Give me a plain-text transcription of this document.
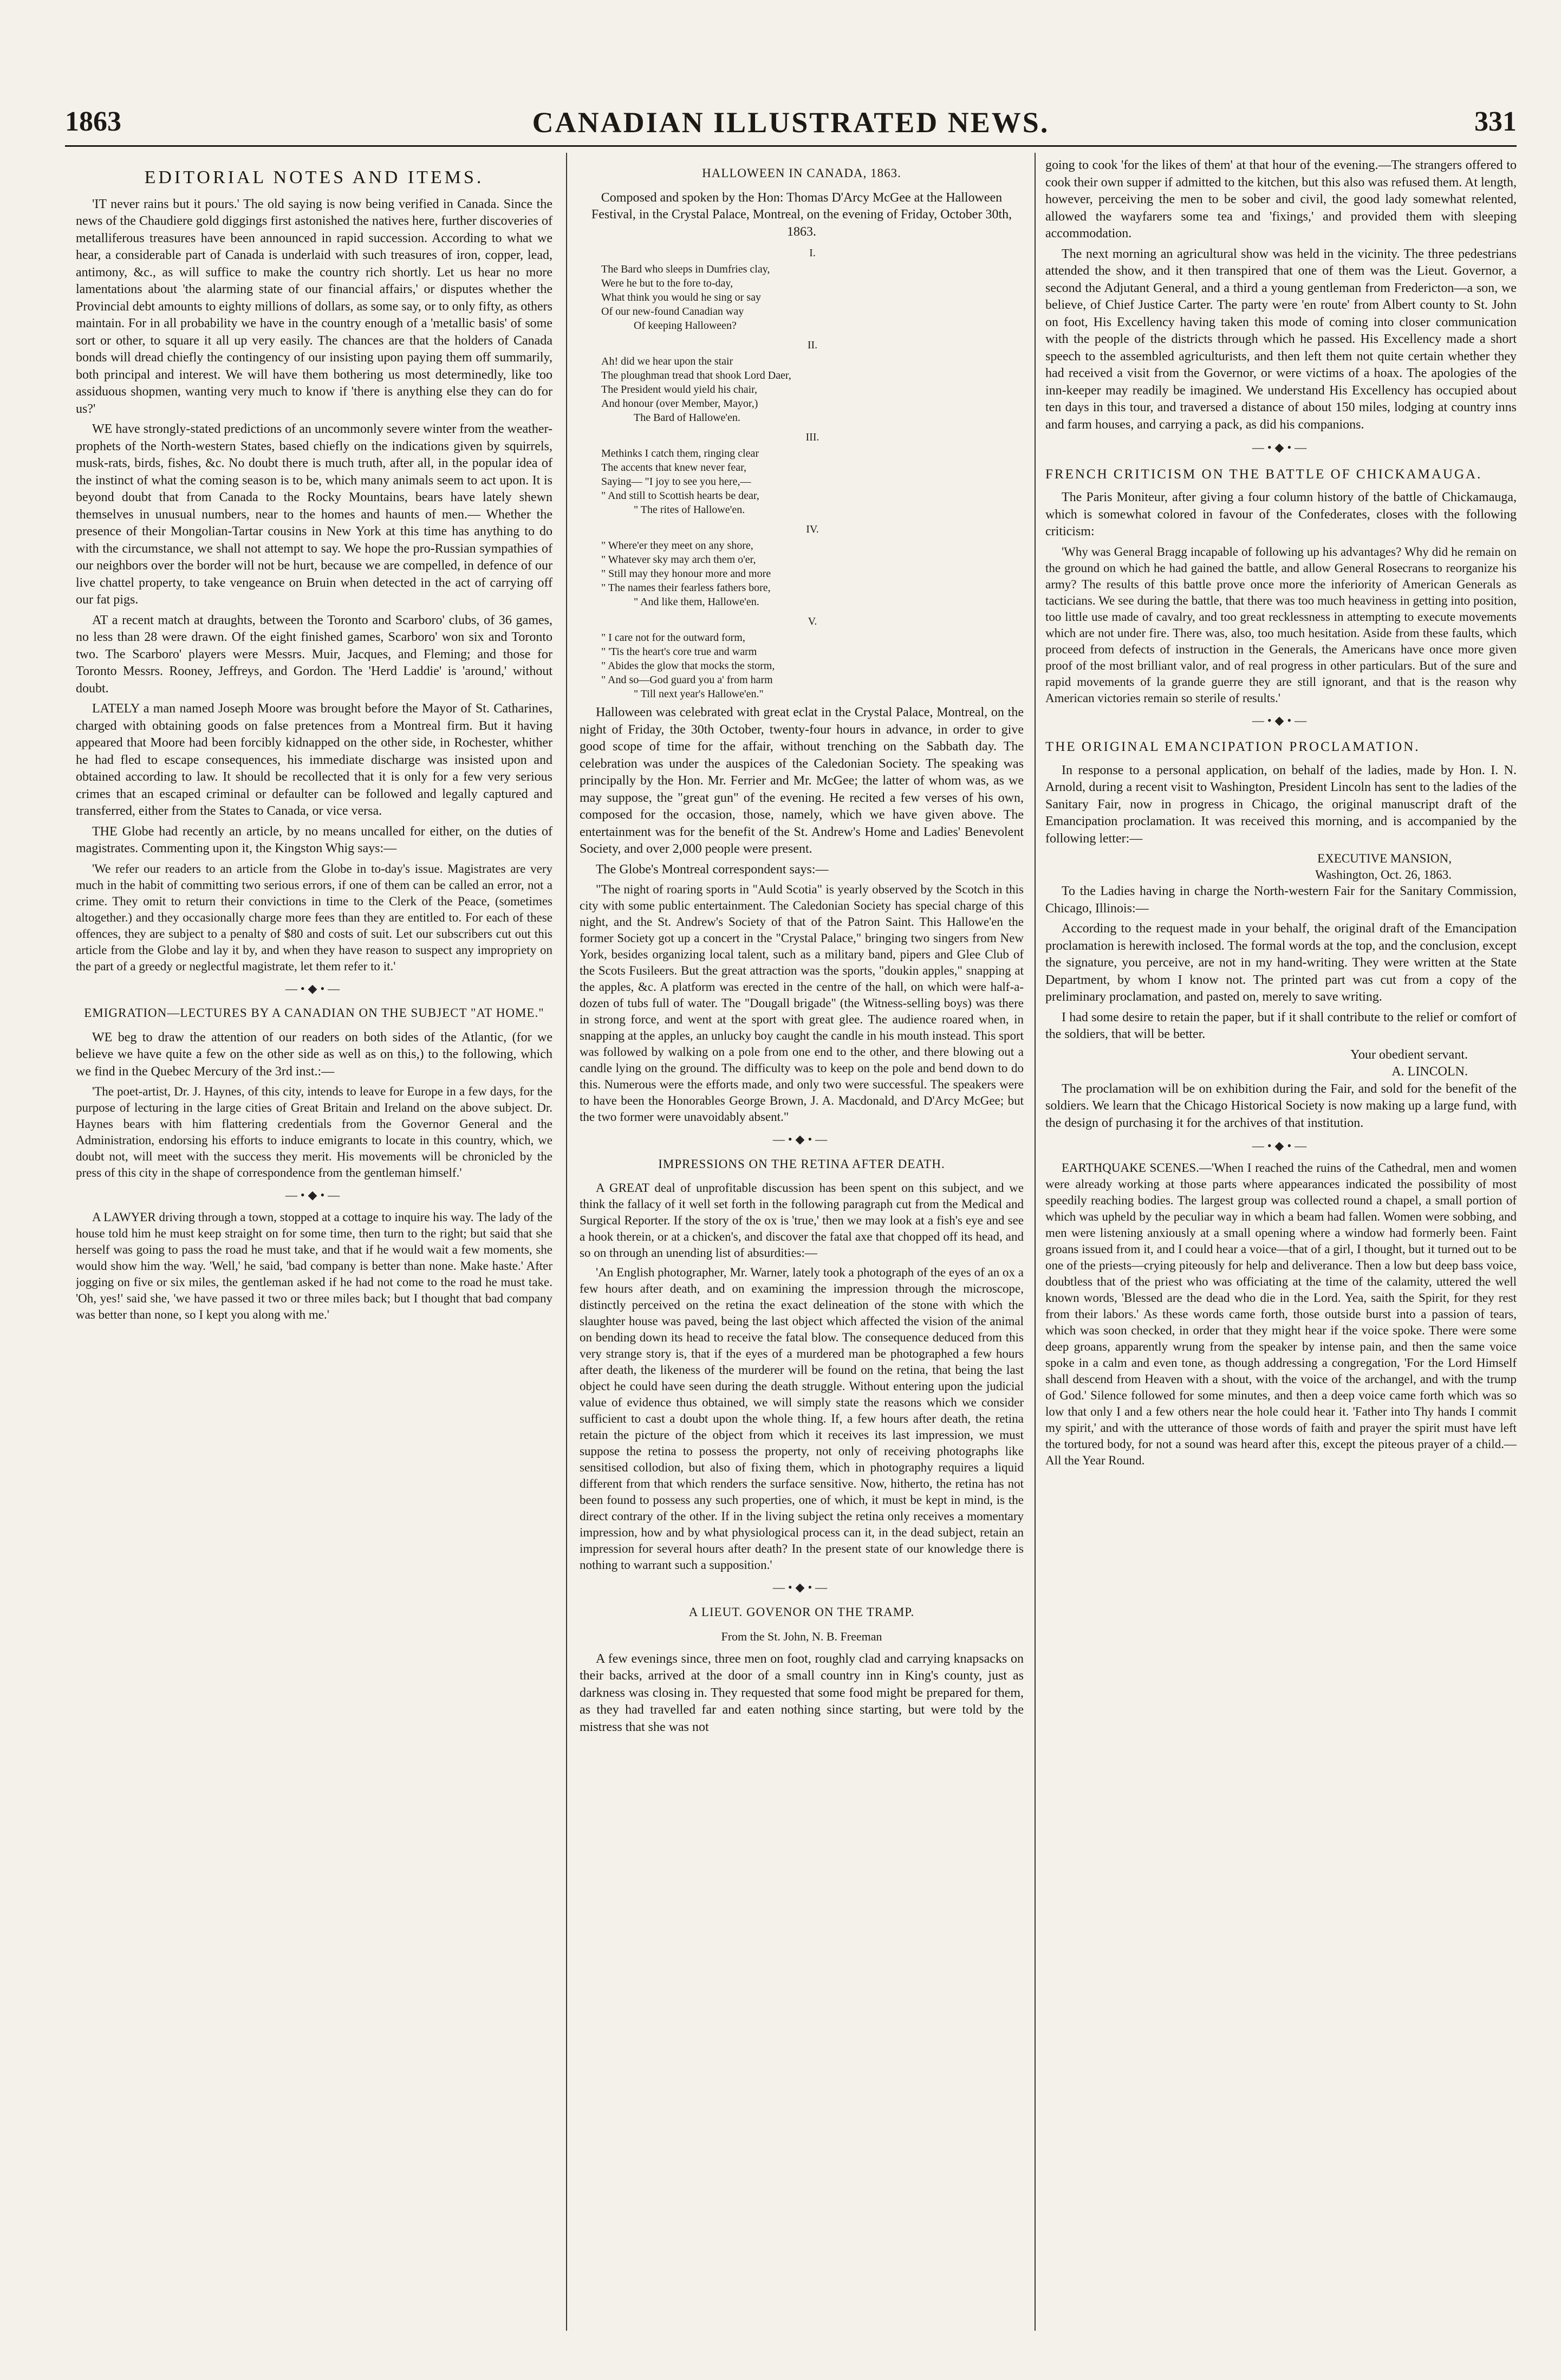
1863	CANADIAN ILLUSTRATED NEWS.	331
EDITORIAL NOTES AND ITEMS.

'IT never rains but it pours.' The old saying is now being verified in Canada. Since the news of the Chaudiere gold diggings first astonished the natives here, further discoveries of metalliferous treasures have been announced in rapid succession. According to what we hear, a considerable part of Canada is underlaid with such treasures of iron, copper, lead, antimony, &c., as will suffice to make the country rich shortly. Let us hear no more lamentations about 'the alarming state of our financial affairs,' or disputes whether the Provincial debt amounts to eighty millions of dollars, as some say, or to only fifty, as others maintain. For in all probability we have in the country enough of a 'metallic basis' of some sort or other, to square it all up very easily. The chances are that the holders of Canada bonds will dread chiefly the contingency of our insisting upon paying them off summarily, both principal and interest. We will have them bothering us most determinedly, like too assiduous shopmen, wanting very much to know if 'there is anything else they can do for us?'

WE have strongly-stated predictions of an uncommonly severe winter from the weather-prophets of the North-western States, based chiefly on the indications given by squirrels, musk-rats, birds, fishes, &c. No doubt there is much truth, after all, in the popular idea of the instinct of what the coming season is to be, which many animals seem to act upon. It is beyond doubt that from Canada to the Rocky Mountains, bears have lately shewn themselves in unusual numbers, near to the homes and haunts of men.— Whether the presence of their Mongolian-Tartar cousins in New York at this time has anything to do with the circumstance, we shall not attempt to say. We hope the pro-Russian sympathies of our neighbors over the border will not be hurt, because we are compelled, in defence of our live chattel property, to take vengeance on Bruin when detected in the act of carrying off our fat pigs.

AT a recent match at draughts, between the Toronto and Scarboro' clubs, of 36 games, no less than 28 were drawn. Of the eight finished games, Scarboro' won six and Toronto two. The Scarboro' players were Messrs. Muir, Jacques, and Fleming; and those for Toronto Messrs. Rooney, Jeffreys, and Gordon. The 'Herd Laddie' is 'around,' without doubt.

LATELY a man named Joseph Moore was brought before the Mayor of St. Catharines, charged with obtaining goods on false pretences from a Montreal firm. But it having appeared that Moore had been forcibly kidnapped on the other side, in Rochester, whither he had fled to escape consequences, his immediate discharge was insisted upon and obtained according to law. It should be recollected that it is only for a few very serious crimes that an escaped criminal or defaulter can be followed and legally captured and transferred, either from the States to Canada, or vice versa.

THE Globe had recently an article, by no means uncalled for either, on the duties of magistrates. Commenting upon it, the Kingston Whig says:—

'We refer our readers to an article from the Globe in to-day's issue. Magistrates are very much in the habit of committing two serious errors, if one of them can be called an error, not a crime. They omit to return their convictions in time to the Clerk of the Peace, (sometimes altogether.) and they occasionally charge more fees than they are entitled to. For each of these offences, they are subject to a penalty of $80 and costs of suit. Let our subscribers cut out this article from the Globe and lay it by, and when they have reason to suspect any impropriety on the part of a greedy or neglectful magistrate, let them refer to it.'

—•◆•—
EMIGRATION—LECTURES BY A CANADIAN ON THE SUBJECT "AT HOME."

WE beg to draw the attention of our readers on both sides of the Atlantic, (for we believe we have quite a few on the other side as well as on this,) to the following, which we find in the Quebec Mercury of the 3rd inst.:—

'The poet-artist, Dr. J. Haynes, of this city, intends to leave for Europe in a few days, for the purpose of lecturing in the large cities of Great Britain and Ireland on the above subject. Dr. Haynes bears with him flattering credentials from the Governor General and the Administration, endorsing his efforts to induce emigrants to locate in this country, which, we doubt not, will meet with the success they merit. His movements will be chronicled by the press of this city in the shape of correspondence from the gentleman himself.'

—•◆•—

A LAWYER driving through a town, stopped at a cottage to inquire his way. The lady of the house told him he must keep straight on for some time, then turn to the right; but said that she herself was going to pass the road he must take, and that if he would wait a few moments, she would show him the way. 'Well,' he said, 'bad company is better than none. Make haste.' After jogging on five or six miles, the gentleman asked if he had not come to the road he must take. 'Oh, yes!' said she, 'we have passed it two or three miles back; but I thought that bad company was better than none, so I kept you along with me.'

HALLOWEEN IN CANADA, 1863.

Composed and spoken by the Hon: Thomas D'Arcy McGee at the Halloween Festival, in the Crystal Palace, Montreal, on the evening of Friday, October 30th, 1863.

I.
The Bard who sleeps in Dumfries clay,
Were he but to the fore to-day,
What think you would he sing or say
Of our new-found Canadian way
Of keeping Halloween?
II.
Ah! did we hear upon the stair
The ploughman tread that shook Lord Daer,
The President would yield his chair,
And honour (over Member, Mayor,)
The Bard of Hallowe'en.
III.
Methinks I catch them, ringing clear
The accents that knew never fear,
Saying— "I joy to see you here,—
" And still to Scottish hearts be dear,
" The rites of Hallowe'en.
IV.
" Where'er they meet on any shore,
" Whatever sky may arch them o'er,
" Still may they honour more and more
" The names their fearless fathers bore,
" And like them, Hallowe'en.
V.
" I care not for the outward form,
" 'Tis the heart's core true and warm
" Abides the glow that mocks the storm,
" And so—God guard you a' from harm
" Till next year's Hallowe'en."

Halloween was celebrated with great eclat in the Crystal Palace, Montreal, on the night of Friday, the 30th October, twenty-four hours in advance, in order to give good scope of time for the affair, without trenching on the Sabbath day. The celebration was under the auspices of the Caledonian Society. The speaking was principally by the Hon. Mr. Ferrier and Mr. McGee; the latter of whom was, as we may suppose, the "great gun" of the evening. He recited a few verses of his own, composed for the occasion, those, namely, which we have given above. The entertainment was for the benefit of the St. Andrew's Home and Ladies' Benevolent Society, and over 2,000 people were present.

The Globe's Montreal correspondent says:—

"The night of roaring sports in "Auld Scotia" is yearly observed by the Scotch in this city with some public entertainment. The Caledonian Society has special charge of this night, and the St. Andrew's Society of that of the Patron Saint. This Hallowe'en the former Society got up a concert in the "Crystal Palace," bringing two singers from New York, besides organizing local talent, such as a military band, pipers and Glee Club of the Scots Fusileers. But the great attraction was the sports, "doukin apples," snapping at the apples, &c. A platform was erected in the centre of the hall, on which were half-a-dozen of tubs full of water. The "Dougall brigade" (the Witness-selling boys) was there in strong force, and went at the sport with great glee. The audience roared when, in snapping at the apples, an unlucky boy caught the candle in his mouth instead. This sport was followed by walking on a pole from one end to the other, and there blowing out a candle lying on the ground. The difficulty was to keep on the pole and bend down to do this. Numerous were the efforts made, and only two were successful. The speakers were to have been the Honorables George Brown, J. A. Macdonald, and D'Arcy McGee; but the two former were unavoidably absent."

—•◆•—
IMPRESSIONS ON THE RETINA AFTER DEATH.

A GREAT deal of unprofitable discussion has been spent on this subject, and we think the fallacy of it well set forth in the following paragraph cut from the Medical and Surgical Reporter. If the story of the ox is 'true,' then we may look at a fish's eye and see a hook therein, or at a chicken's, and discover the fatal axe that chopped off its head, and so on through an unending list of absurdities:—

'An English photographer, Mr. Warner, lately took a photograph of the eyes of an ox a few hours after death, and on examining the impression through the microscope, distinctly perceived on the retina the exact delineation of the stone with which the slaughter house was paved, being the last object which affected the vision of the animal on bending down its head to receive the fatal blow. The consequence deduced from this very strange story is, that if the eyes of a murdered man be photographed a few hours after death, the likeness of the murderer will be found on the retina, that being the last object he could have seen during the death struggle. Without entering upon the judicial value of evidence thus obtained, we will simply state the reasons which we consider sufficient to cast a doubt upon the whole thing. If, a few hours after death, the retina retain the picture of the object from which it receives its last impression, we must suppose the retina to possess the property, not only of receiving photographs like sensitised collodion, but also of fixing them, which in photography requires a liquid different from that which renders the surface sensitive. Now, hitherto, the retina has not been found to possess any such properties, one of which, it must be kept in mind, is the direct contrary of the other. If in the living subject the retina only receives a momentary impression, how and by what physiological process can it, in the dead subject, retain an impression for several hours after death? In the present state of our knowledge there is nothing to warrant such a supposition.'

—•◆•—
A LIEUT. GOVENOR ON THE TRAMP.
From the St. John, N. B. Freeman

A few evenings since, three men on foot, roughly clad and carrying knapsacks on their backs, arrived at the door of a small country inn in King's county, just as darkness was closing in. They requested that some food might be prepared for them, as they had travelled far and eaten nothing since starting, but were told by the mistress that she was not

going to cook 'for the likes of them' at that hour of the evening.—The strangers offered to cook their own supper if admitted to the kitchen, but this also was refused them. At length, however, perceiving the men to be sober and civil, the good lady somewhat relented, allowed the wayfarers some tea and 'fixings,' and provided them with sleeping accommodation.

The next morning an agricultural show was held in the vicinity. The three pedestrians attended the show, and it then transpired that one of them was the Lieut. Governor, a second the Adjutant General, and a third a young gentleman from Fredericton—a son, we believe, of Chief Justice Carter. The party were 'en route' from Albert county to St. John on foot, His Excellency having taken this mode of coming into closer communication with the people of the districts through which he passed. His Excellency made a short speech to the assembled agriculturists, and then left them not quite certain whether they had received a visit from the Governor, or were victims of a hoax. The apologies of the inn-keeper may readily be imagined. We understand His Excellency has occupied about ten days in this tour, and traversed a distance of about 150 miles, lodging at country inns and farm houses, and carrying a pack, as did his companions.

—•◆•—
FRENCH CRITICISM ON THE BATTLE OF CHICKAMAUGA.

The Paris Moniteur, after giving a four column history of the battle of Chickamauga, which is somewhat colored in favour of the Confederates, closes with the following criticism:

'Why was General Bragg incapable of following up his advantages? Why did he remain on the ground on which he had gained the battle, and allow General Rosecrans to reorganize his army? The results of this battle prove once more the inferiority of American Generals as tacticians. We see during the battle, that there was too much heaviness in getting into position, too little use made of cavalry, and too great recklessness in attempting to execute movements which are not under fire. There was, also, too much hesitation. Aside from these faults, which proceed from defects of instruction in the Generals, the Americans have once more given proof of the most brilliant valor, and of real progress in other particulars. But of the sure and rapid movements of la grande guerre they are still ignorant, and that is the reason why American victories remain so sterile of results.'

—•◆•—
THE ORIGINAL EMANCIPATION PROCLAMATION.

In response to a personal application, on behalf of the ladies, made by Hon. I. N. Arnold, during a recent visit to Washington, President Lincoln has sent to the ladies of the Sanitary Fair, now in progress in Chicago, the original manuscript draft of the Emancipation proclamation. It was received this morning, and is accompanied by the following letter:—

EXECUTIVE MANSION,
Washington, Oct. 26, 1863.

To the Ladies having in charge the North-western Fair for the Sanitary Commission, Chicago, Illinois:—

According to the request made in your behalf, the original draft of the Emancipation proclamation is herewith inclosed. The formal words at the top, and the conclusion, except the signature, you perceive, are not in my hand-writing. They were written at the State Department, by whom I know not. The printed part was cut from a copy of the preliminary proclamation, and pasted on, merely to save writing.

I had some desire to retain the paper, but if it shall contribute to the relief or comfort of the soldiers, that will be better.

Your obedient servant.
A. LINCOLN.

The proclamation will be on exhibition during the Fair, and sold for the benefit of the soldiers. We learn that the Chicago Historical Society is now making up a large fund, with the design of purchasing it for the archives of that institution.

—•◆•—

EARTHQUAKE SCENES.—'When I reached the ruins of the Cathedral, men and women were already working at those parts where appearances indicated the possibility of most speedily reaching bodies. The largest group was collected round a chapel, a small portion of which was upheld by the peculiar way in which a beam had fallen. Women were sobbing, and men were listening anxiously at a small opening where a window had formerly been. Faint groans issued from it, and I could hear a voice—that of a girl, I thought, but it turned out to be one of the priests—crying piteously for help and deliverance. Then a low but deep bass voice, doubtless that of the priest who was officiating at the time of the calamity, uttered the well known words, 'Blessed are the dead who die in the Lord. Yea, saith the Spirit, for they rest from their labors.' As these words came forth, those outside burst into a passion of tears, which was soon checked, in order that they might hear if the voice spoke. There were some deep groans, apparently wrung from the speaker by intense pain, and then the same voice spoke in a calm and even tone, as though addressing a congregation, 'For the Lord Himself shall descend from Heaven with a shout, with the voice of the archangel, and with the trump of God.' Silence followed for some minutes, and then a deep voice came forth which was so low that only I and a few others near the hole could hear it. 'Father into Thy hands I commit my spirit,' and with the utterance of those words of faith and prayer the spirit must have left the tortured body, for not a sound was heard after this, except the piteous prayer of a child.—All the Year Round.
